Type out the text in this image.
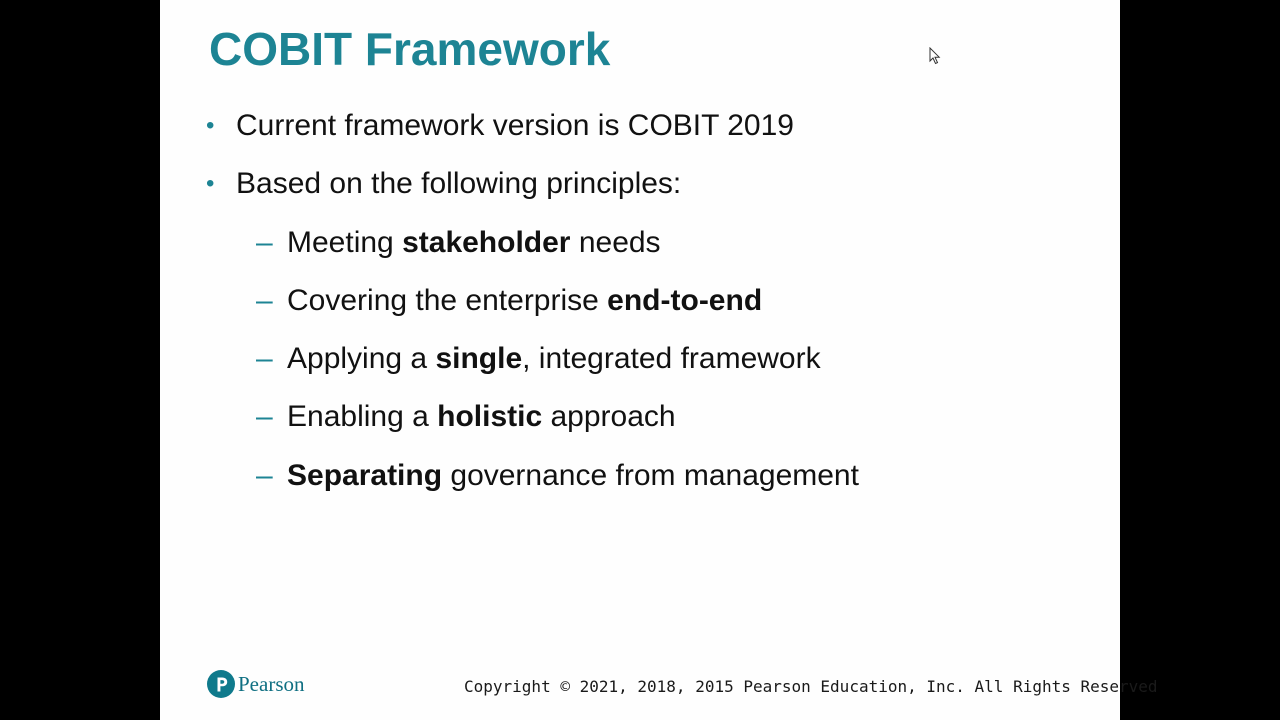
COBIT Framework
• Current framework version is COBIT 2019
• Based on the following principles:
– Meeting stakeholder needs
– Covering the enterprise end-to-end
– Applying a single, integrated framework
– Enabling a holistic approach
– Separating governance from management
Pearson	Copyright © 2021, 2018, 2015 Pearson Education, Inc. All Rights Reserved
